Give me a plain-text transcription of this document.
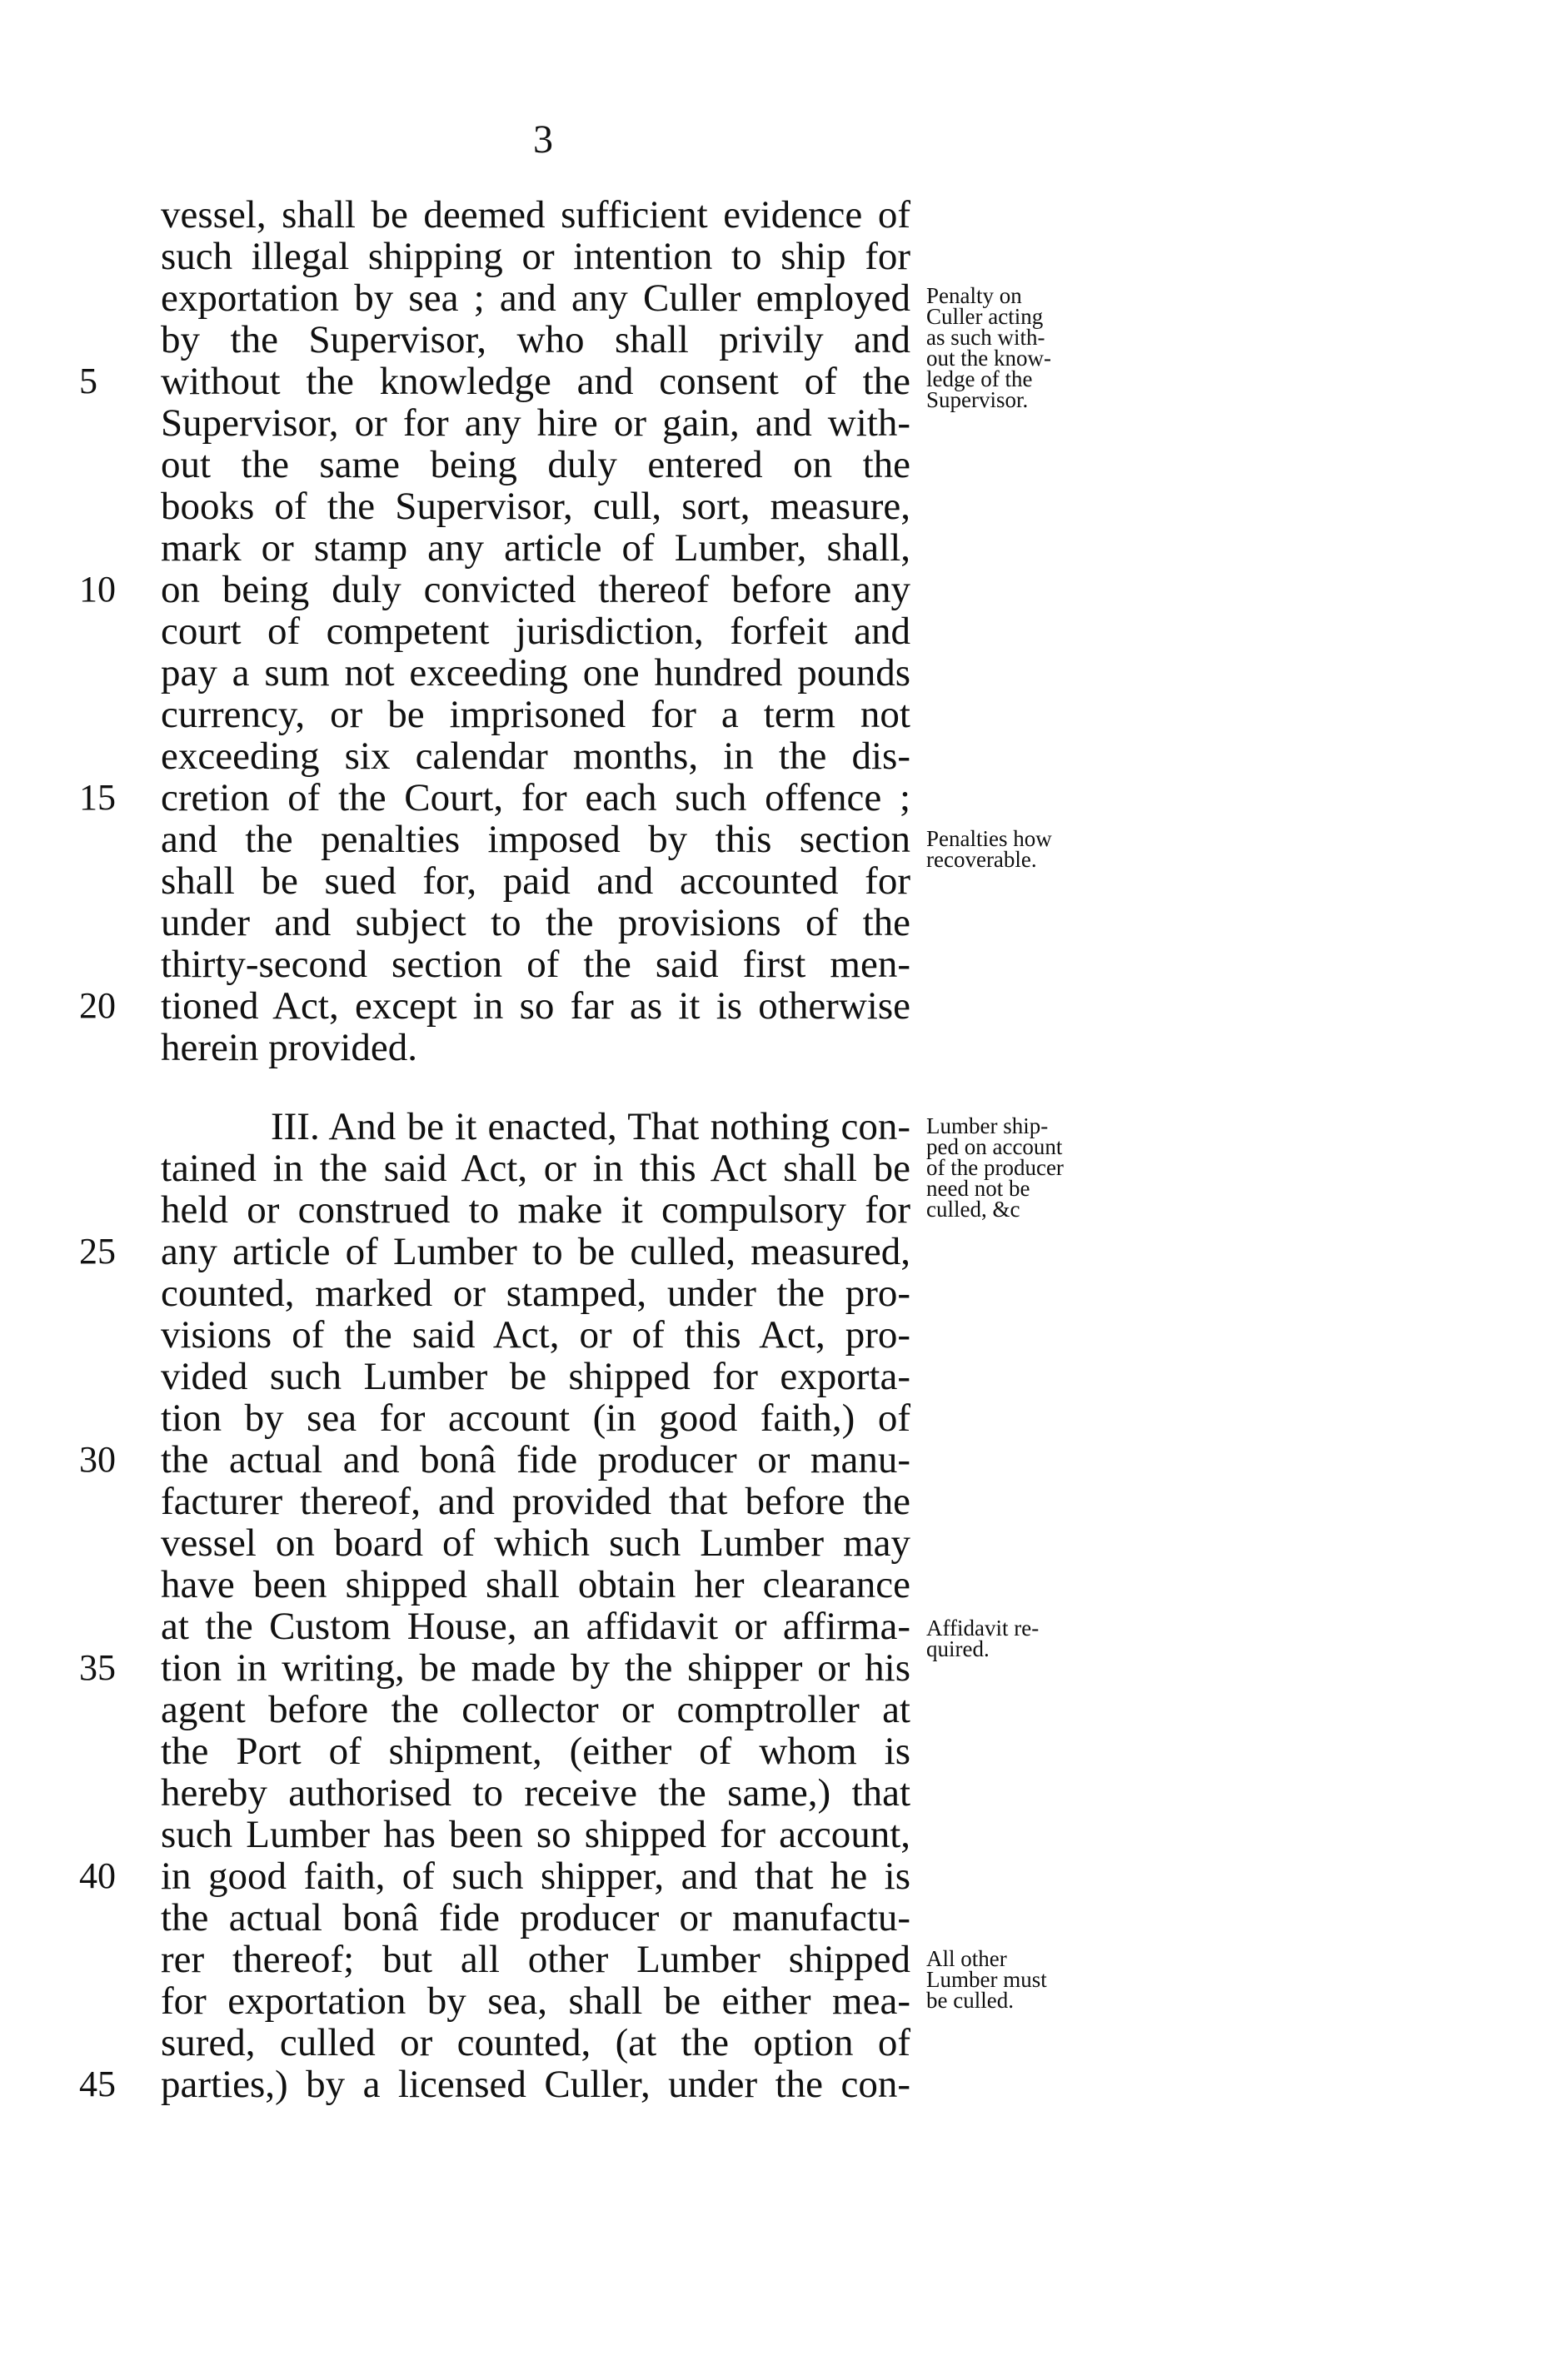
3
vessel, shall be deemed sufficient evidence of
such illegal shipping or intention to ship for
exportation by sea ; and any Culler employed
by the Supervisor, who shall privily and
without the knowledge and consent of the
Supervisor, or for any hire or gain, and with-
out the same being duly entered on the
books of the Supervisor, cull, sort, measure,
mark or stamp any article of Lumber, shall,
on being duly convicted thereof before any
court of competent jurisdiction, forfeit and
pay a sum not exceeding one hundred pounds
currency, or be imprisoned for a term not
exceeding six calendar months, in the dis-
cretion of the Court, for each such offence ;
and the penalties imposed by this section
shall be sued for, paid and accounted for
under and subject to the provisions of the
thirty-second section of the said first men-
tioned Act, except in so far as it is otherwise
herein provided.
III. And be it enacted, That nothing con-
tained in the said Act, or in this Act shall be
held or construed to make it compulsory for
any article of Lumber to be culled, measured,
counted, marked or stamped, under the pro-
visions of the said Act, or of this Act, pro-
vided such Lumber be shipped for exporta-
tion by sea for account (in good faith,) of
the actual and bonâ fide producer or manu-
facturer thereof, and provided that before the
vessel on board of which such Lumber may
have been shipped shall obtain her clearance
at the Custom House, an affidavit or affirma-
tion in writing, be made by the shipper or his
agent before the collector or comptroller at
the Port of shipment, (either of whom is
hereby authorised to receive the same,) that
such Lumber has been so shipped for account,
in good faith, of such shipper, and that he is
the actual bonâ fide producer or manufactu-
rer thereof; but all other Lumber shipped
for exportation by sea, shall be either mea-
sured, culled or counted, (at the option of
parties,) by a licensed Culler, under the con-
5
10
15
20
25
30
35
40
45
Penalty on
Culler acting
as such with-
out the know-
ledge of the
Supervisor.
Penalties how
recoverable.
Lumber ship-
ped on account
of the producer
need not be
culled, &c
Affidavit re-
quired.
All other
Lumber must
be culled.
